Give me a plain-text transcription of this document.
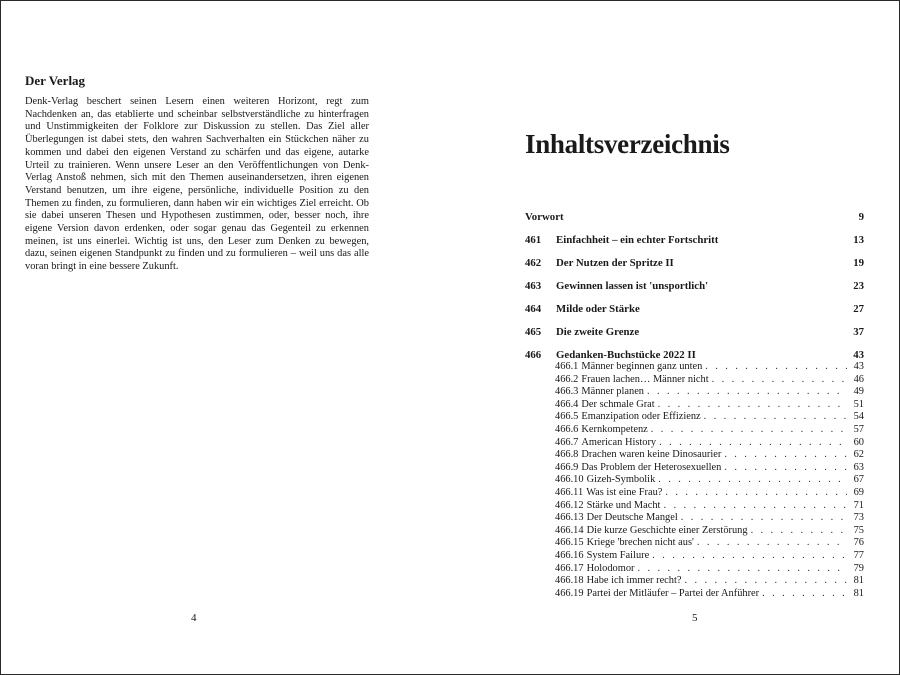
Der Verlag
Denk-Verlag beschert seinen Lesern einen weiteren Horizont, regt zum Nachdenken an, das etablierte und scheinbar selbstverständliche zu hinterfragen und Unstimmigkeiten der Folklore zur Diskussion zu stellen. Das Ziel aller Überlegungen ist dabei stets, den wahren Sachverhalten ein Stückchen näher zu kommen und dabei den eigenen Verstand zu schärfen und das eigene, autarke Urteil zu trainieren. Wenn unsere Leser an den Veröffentlichungen von Denk-Verlag Anstoß nehmen, sich mit den Themen auseinandersetzen, ihren eigenen Verstand benutzen, um ihre eigene, persönliche, individuelle Position zu den Themen zu finden, zu formulieren, dann haben wir ein wichtiges Ziel erreicht. Ob sie dabei unseren Thesen und Hypothesen zustimmen, oder, besser noch, ihre eigene Version davon erdenken, oder sogar genau das Gegenteil zu erkennen meinen, ist uns einerlei. Wichtig ist uns, den Leser zum Denken zu bewegen, dazu, seinen eigenen Standpunkt zu finden und zu formulieren – weil uns das alle voran bringt in eine bessere Zukunft.
4
Inhaltsverzeichnis
Vorwort	9
461 Einfachheit – ein echter Fortschritt	13
462 Der Nutzen der Spritze II	19
463 Gewinnen lassen ist 'unsportlich'	23
464 Milde oder Stärke	27
465 Die zweite Grenze	37
466 Gedanken-Buchstücke 2022 II	43
466.1 Männer beginnen ganz unten . . .	43
466.2 Frauen lachen… Männer nicht . . .	46
466.3 Männer planen . . .	49
466.4 Der schmale Grat . . .	51
466.5 Emanzipation oder Effizienz . . .	54
466.6 Kernkompetenz . . .	57
466.7 American History . . .	60
466.8 Drachen waren keine Dinosaurier . . .	62
466.9 Das Problem der Heterosexuellen . . .	63
466.10 Gizeh-Symbolik . . .	67
466.11 Was ist eine Frau? . . .	69
466.12 Stärke und Macht . . .	71
466.13 Der Deutsche Mangel . . .	73
466.14 Die kurze Geschichte einer Zerstörung . . .	75
466.15 Kriege 'brechen nicht aus' . . .	76
466.16 System Failure . . .	77
466.17 Holodomor . . .	79
466.18 Habe ich immer recht? . . .	81
466.19 Partei der Mitläufer – Partei der Anführer . . .	81
5
